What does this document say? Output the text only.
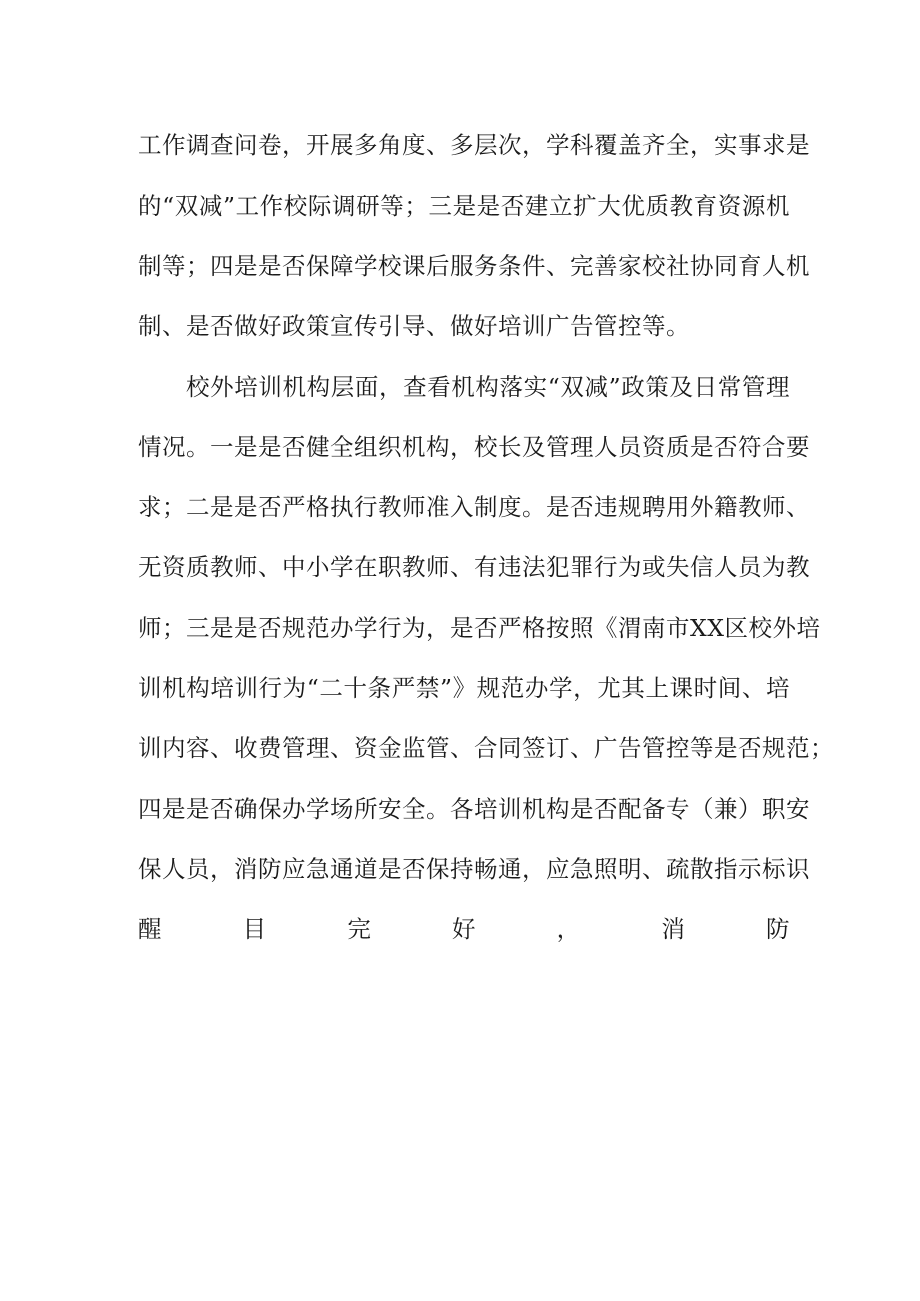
工作调查问卷，开展多角度、多层次，学科覆盖齐全，实事求是
的“双减”工作校际调研等；三是是否建立扩大优质教育资源机
制等；四是是否保障学校课后服务条件、完善家校社协同育人机
制、是否做好政策宣传引导、做好培训广告管控等。
校外培训机构层面，查看机构落实“双减”政策及日常管理
情况。一是是否健全组织机构，校长及管理人员资质是否符合要
求；二是是否严格执行教师准入制度。是否违规聘用外籍教师、
无资质教师、中小学在职教师、有违法犯罪行为或失信人员为教
师；三是是否规范办学行为，是否严格按照《渭南市XX区校外培
训机构培训行为“二十条严禁”》规范办学，尤其上课时间、培
训内容、收费管理、资金监管、合同签订、广告管控等是否规范；
四是是否确保办学场所安全。各培训机构是否配备专（兼）职安
保人员，消防应急通道是否保持畅通，应急照明、疏散指示标识
醒目完好，消防
